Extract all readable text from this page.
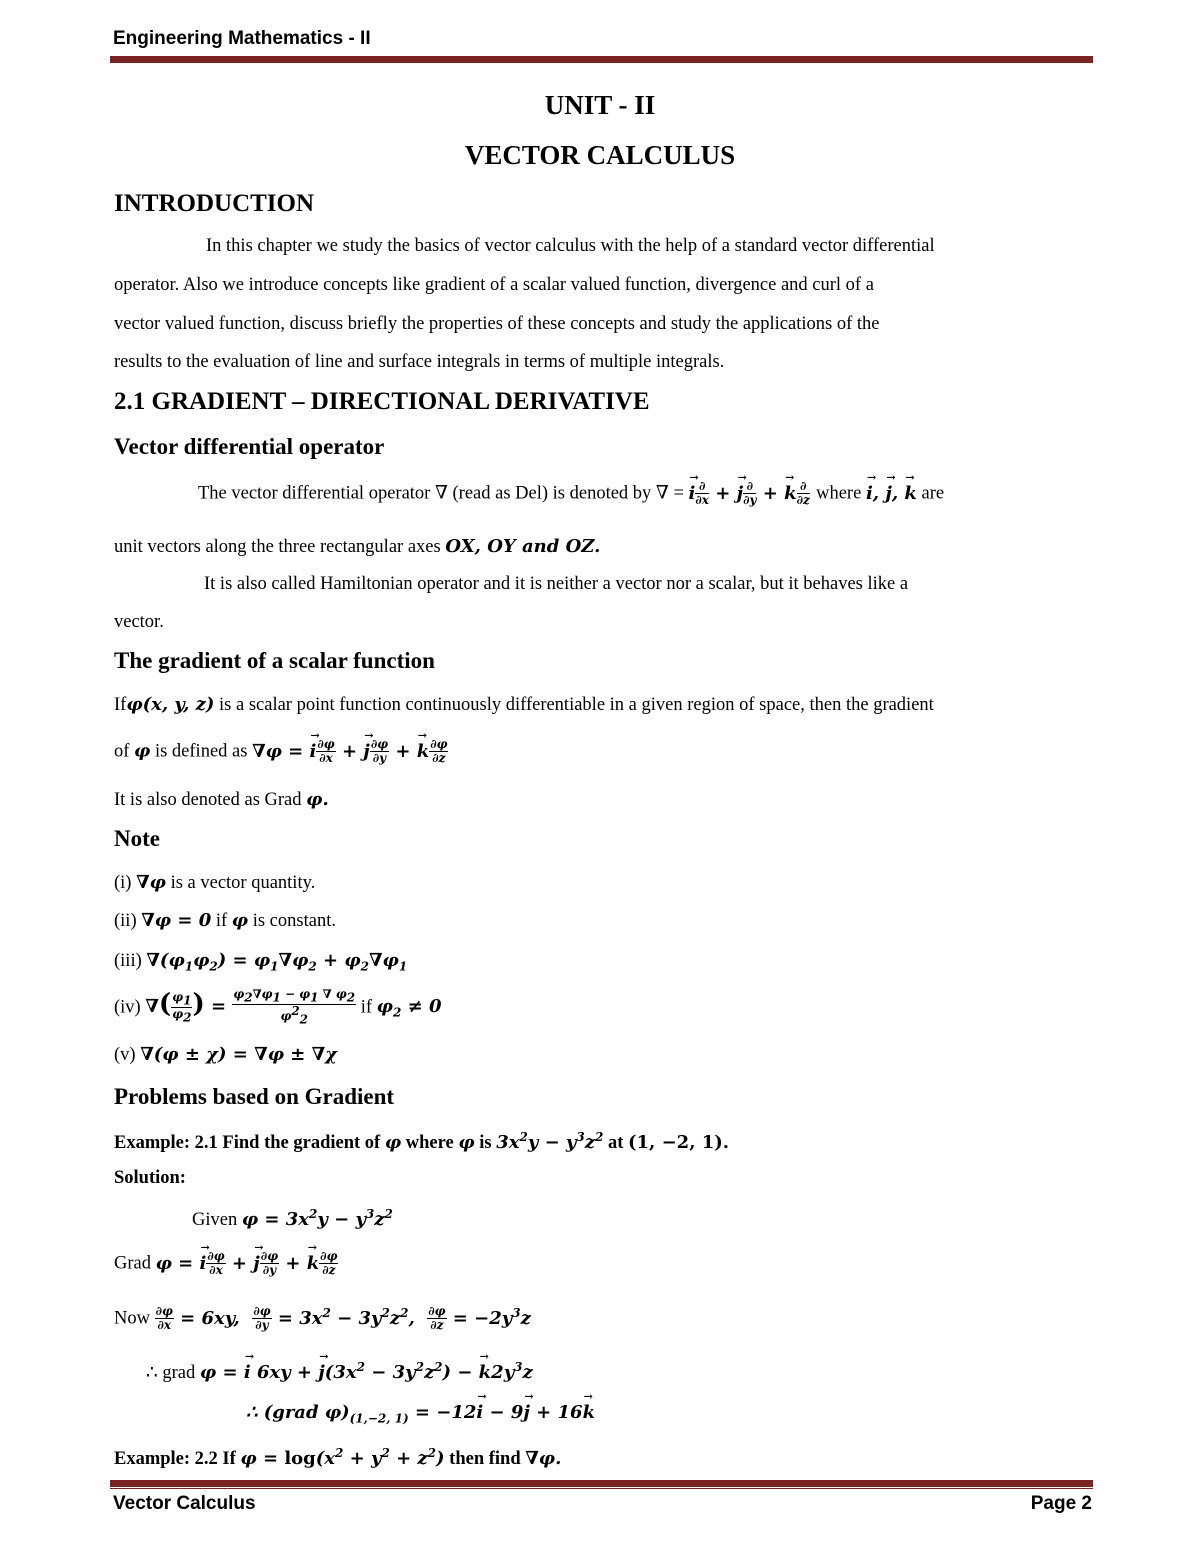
Engineering Mathematics - II
UNIT - II
VECTOR CALCULUS
INTRODUCTION
In this chapter we study the basics of vector calculus with the help of a standard vector differential
operator. Also we introduce concepts like gradient of a scalar valued function, divergence and curl of a
vector valued function, discuss briefly the properties of these concepts and study the applications of the
results to the evaluation of line and surface integrals in terms of multiple integrals.
2.1 GRADIENT – DIRECTIONAL DERIVATIVE
Vector differential operator
The vector differential operator ∇ (read as Del) is denoted by ∇ = → i $\frac{\partial}{\partial x}$ + → j $\frac{\partial}{\partial y}$ + → k $\frac{\partial}{\partial z}$ where → i, → j, → k are
unit vectors along the three rectangular axes OX, OY and OZ.
It is also called Hamiltonian operator and it is neither a vector nor a scalar, but it behaves like a
vector.
The gradient of a scalar function
Ifφ(x, y, z) is a scalar point function continuously differentiable in a given region of space, then the gradient
of φ is defined as ∇φ = → i $\frac{\partial\varphi}{\partial x}$ + → j $\frac{\partial\varphi}{\partial y}$ + → k $\frac{\partial\varphi}{\partial z}$
It is also denoted as Grad φ.
Note
(i) ∇φ is a vector quantity.
(ii) ∇φ = 0 if φ is constant.
(iii) $\nabla(\varphi_1\varphi_2) = \varphi_1\nabla\varphi_2 + \varphi_2\nabla\varphi_1$
(iv) ∇( $\frac{\varphi_1}{\varphi_2}$ ) = $\frac{\varphi_2\nabla\varphi_1 - \varphi_1 \nabla \varphi_2}{\varphi^2_2}$ if $\varphi_2 \ne 0$
(v) ∇(φ ± χ) = ∇φ ± ∇χ
Problems based on Gradient
Example: 2.1 Find the gradient of φ where φ is $3x^2y - y^3z^2$ at (1, −2, 1).
Solution:
Given $\varphi = 3x^2y - y^3z^2$
Grad φ = → i $\frac{\partial\varphi}{\partial x}$ + → j $\frac{\partial\varphi}{\partial y}$ + → k $\frac{\partial\varphi}{\partial z}$
Now $\frac{\partial\varphi}{\partial x} = 6xy$, $\frac{\partial\varphi}{\partial y} = 3x^2 - 3y^2z^2$, $\frac{\partial\varphi}{\partial z} = -2y^3z$
∴ grad φ = → i 6xy + → $j(3x^2 - 3y^2z^2)$ − → $k2y^3z$
∴ (grad $\varphi)_{(1,-2, 1)} = -12\to i - 9\to j + 16\to k$
Example: 2.2 If $\varphi = \log(x^2 + y^2 + z^2)$ then find ∇φ.
Vector Calculus	Page 2
